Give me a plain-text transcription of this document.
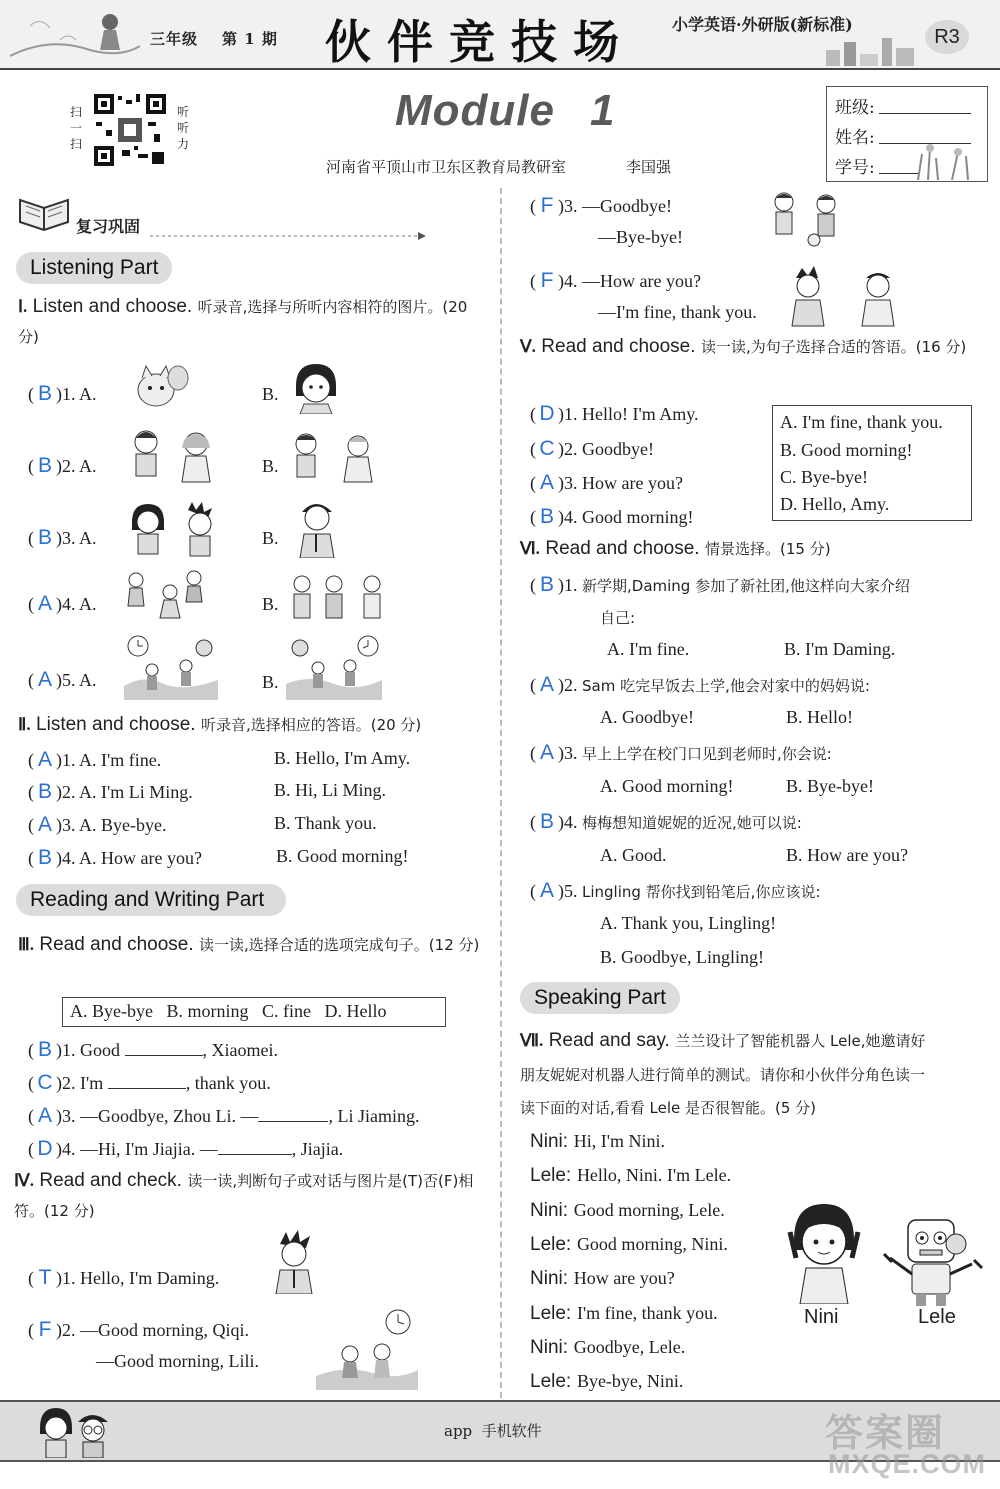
三年级 第 1 期 伙伴竞技场 小学英语·外研版(新标准)
R3
扫一扫
听听力
Module 1
河南省平顶山市卫东区教育局教研室	李国强
班级:
姓名:
学号:
复习巩固
Listening Part
Ⅰ. Listen and choose. 听录音,选择与所听内容相符的图片。(20 分)
( B )1. A.	B.
( B )2. A.	B.
( B )3. A.	B.
( A )4. A.	B.
( A )5. A.	B.
Ⅱ. Listen and choose. 听录音,选择相应的答语。(20 分)
( A )1. A. I'm fine.	B. Hello, I'm Amy.
( B )2. A. I'm Li Ming.	B. Hi, Li Ming.
( A )3. A. Bye-bye.	B. Thank you.
( B )4. A. How are you?	B. Good morning!
Reading and Writing Part
Ⅲ. Read and choose. 读一读,选择合适的选项完成句子。(12 分)
A. Bye-bye   B. morning   C. fine   D. Hello
( B )1. Good	, Xiaomei.
( C )2. I'm	, thank you.
( A )3. —Goodbye, Zhou Li. —	, Li Jiaming.
( D )4. —Hi, I'm Jiajia. —	, Jiajia.
Ⅳ. Read and check. 读一读,判断句子或对话与图片是(T)否(F)相符。(12 分)
( T )1. Hello, I'm Daming.
( F )2. —Good morning, Qiqi.
—Good morning, Lili.
( F )3. —Goodbye!
—Bye-bye!
( F )4. —How are you?
—I'm fine, thank you.
Ⅴ. Read and choose. 读一读,为句子选择合适的答语。(16 分)
( D )1. Hello! I'm Amy.
( C )2. Goodbye!
( A )3. How are you?
( B )4. Good morning!
A. I'm fine, thank you.
B. Good morning!
C. Bye-bye!
D. Hello, Amy.
Ⅵ. Read and choose. 情景选择。(15 分)
( B )1. 新学期,Daming 参加了新社团,他这样向大家介绍
自己:
A. I'm fine.	B. I'm Daming.
( A )2. Sam 吃完早饭去上学,他会对家中的妈妈说:
A. Goodbye!	B. Hello!
( A )3. 早上上学在校门口见到老师时,你会说:
A. Good morning!	B. Bye-bye!
( B )4. 梅梅想知道妮妮的近况,她可以说:
A. Good.	B. How are you?
( A )5. Lingling 帮你找到铅笔后,你应该说:
A. Thank you, Lingling!
B. Goodbye, Lingling!
Speaking Part
Ⅶ. Read and say. 兰兰设计了智能机器人 Lele,她邀请好
朋友妮妮对机器人进行简单的测试。请你和小伙伴分角色读一
读下面的对话,看看 Lele 是否很智能。(5 分)
Nini: Hi, I'm Nini.
Lele: Hello, Nini. I'm Lele.
Nini: Good morning, Lele.
Lele: Good morning, Nini.
Nini: How are you?
Lele: I'm fine, thank you.
Nini: Goodbye, Lele.
Lele: Bye-bye, Nini.
Nini	Lele
app  手机软件	答案圈
MXQE.COM
